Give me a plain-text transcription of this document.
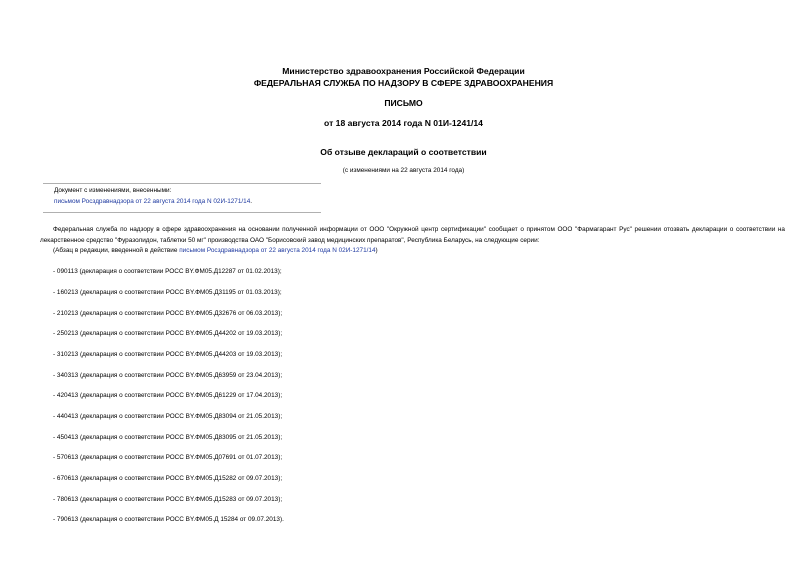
Министерство здравоохранения Российской Федерации
ФЕДЕРАЛЬНАЯ СЛУЖБА ПО НАДЗОРУ В СФЕРЕ ЗДРАВООХРАНЕНИЯ
ПИСЬМО
от 18 августа 2014 года N 01И-1241/14
Об отзыве деклараций о соответствии
(с изменениями на 22 августа 2014 года)
Документ с изменениями, внесенными:
письмом Росздравнадзора от 22 августа 2014 года N 02И-1271/14.
Федеральная служба по надзору в сфере здравоохранения на основании полученной информации от ООО "Окружной центр сертификации" сообщает о принятом ООО "Фармагарант Рус" решении отозвать декларации о соответствии на лекарственное средство "Фуразолидон, таблетки 50 мг" производства ОАО "Борисовский завод медицинских препаратов", Республика Беларусь, на следующие серии:
(Абзац в редакции, введенной в действие письмом Росздравнадзора от 22 августа 2014 года N 02И-1271/14)
- 090113 (декларация о соответствии РОСС BY.ФМ05.Д12287 от 01.02.2013);
- 160213 (декларация о соответствии РОСС BY.ФМ05.Д31195 от 01.03.2013);
- 210213 (декларация о соответствии РОСС BY.ФМ05.Д32676 от 06.03.2013);
- 250213 (декларация о соответствии РОСС BY.ФМ05.Д44202 от 19.03.2013);
- 310213 (декларация о соответствии РОСС BY.ФМ05.Д44203 от 19.03.2013);
- 340313 (декларация о соответствии РОСС BY.ФМ05.Д63959 от 23.04.2013);
- 420413 (декларация о соответствии РОСС BY.ФМ05.Д61229 от 17.04.2013);
- 440413 (декларация о соответствии РОСС BY.ФМ05.Д83094 от 21.05.2013);
- 450413 (декларация о соответствии РОСС BY.ФМ05.Д83095 от 21.05.2013);
- 570613 (декларация о соответствии РОСС BY.ФМ05.Д07691 от 01.07.2013);
- 670613 (декларация о соответствии РОСС BY.ФМ05.Д15282 от 09.07.2013);
- 780613 (декларация о соответствии РОСС BY.ФМ05.Д15283 от 09.07.2013);
- 790613 (декларация о соответствии РОСС BY.ФМ05.Д 15284 от 09.07.2013).
